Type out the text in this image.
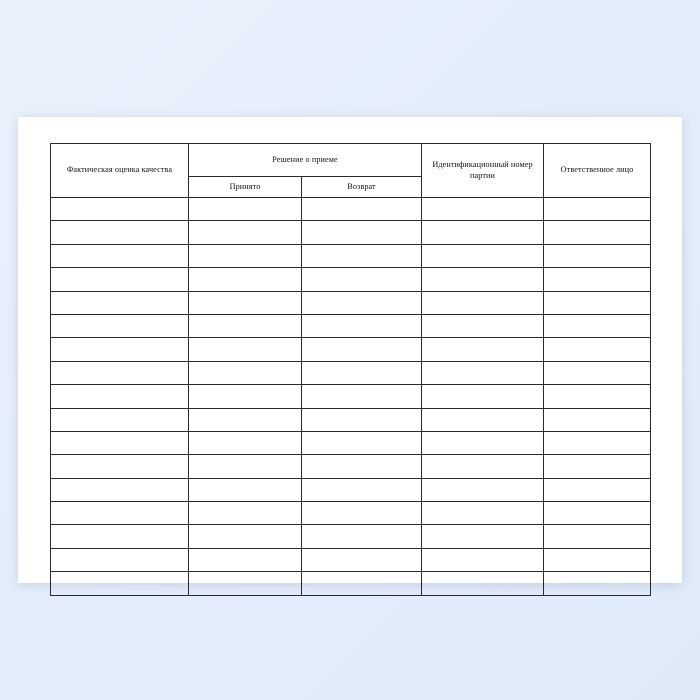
Фактическая оценка качества	Решение о приеме		Идентификационный номер партии	Ответственное лицо
	Принято	Возврат		
